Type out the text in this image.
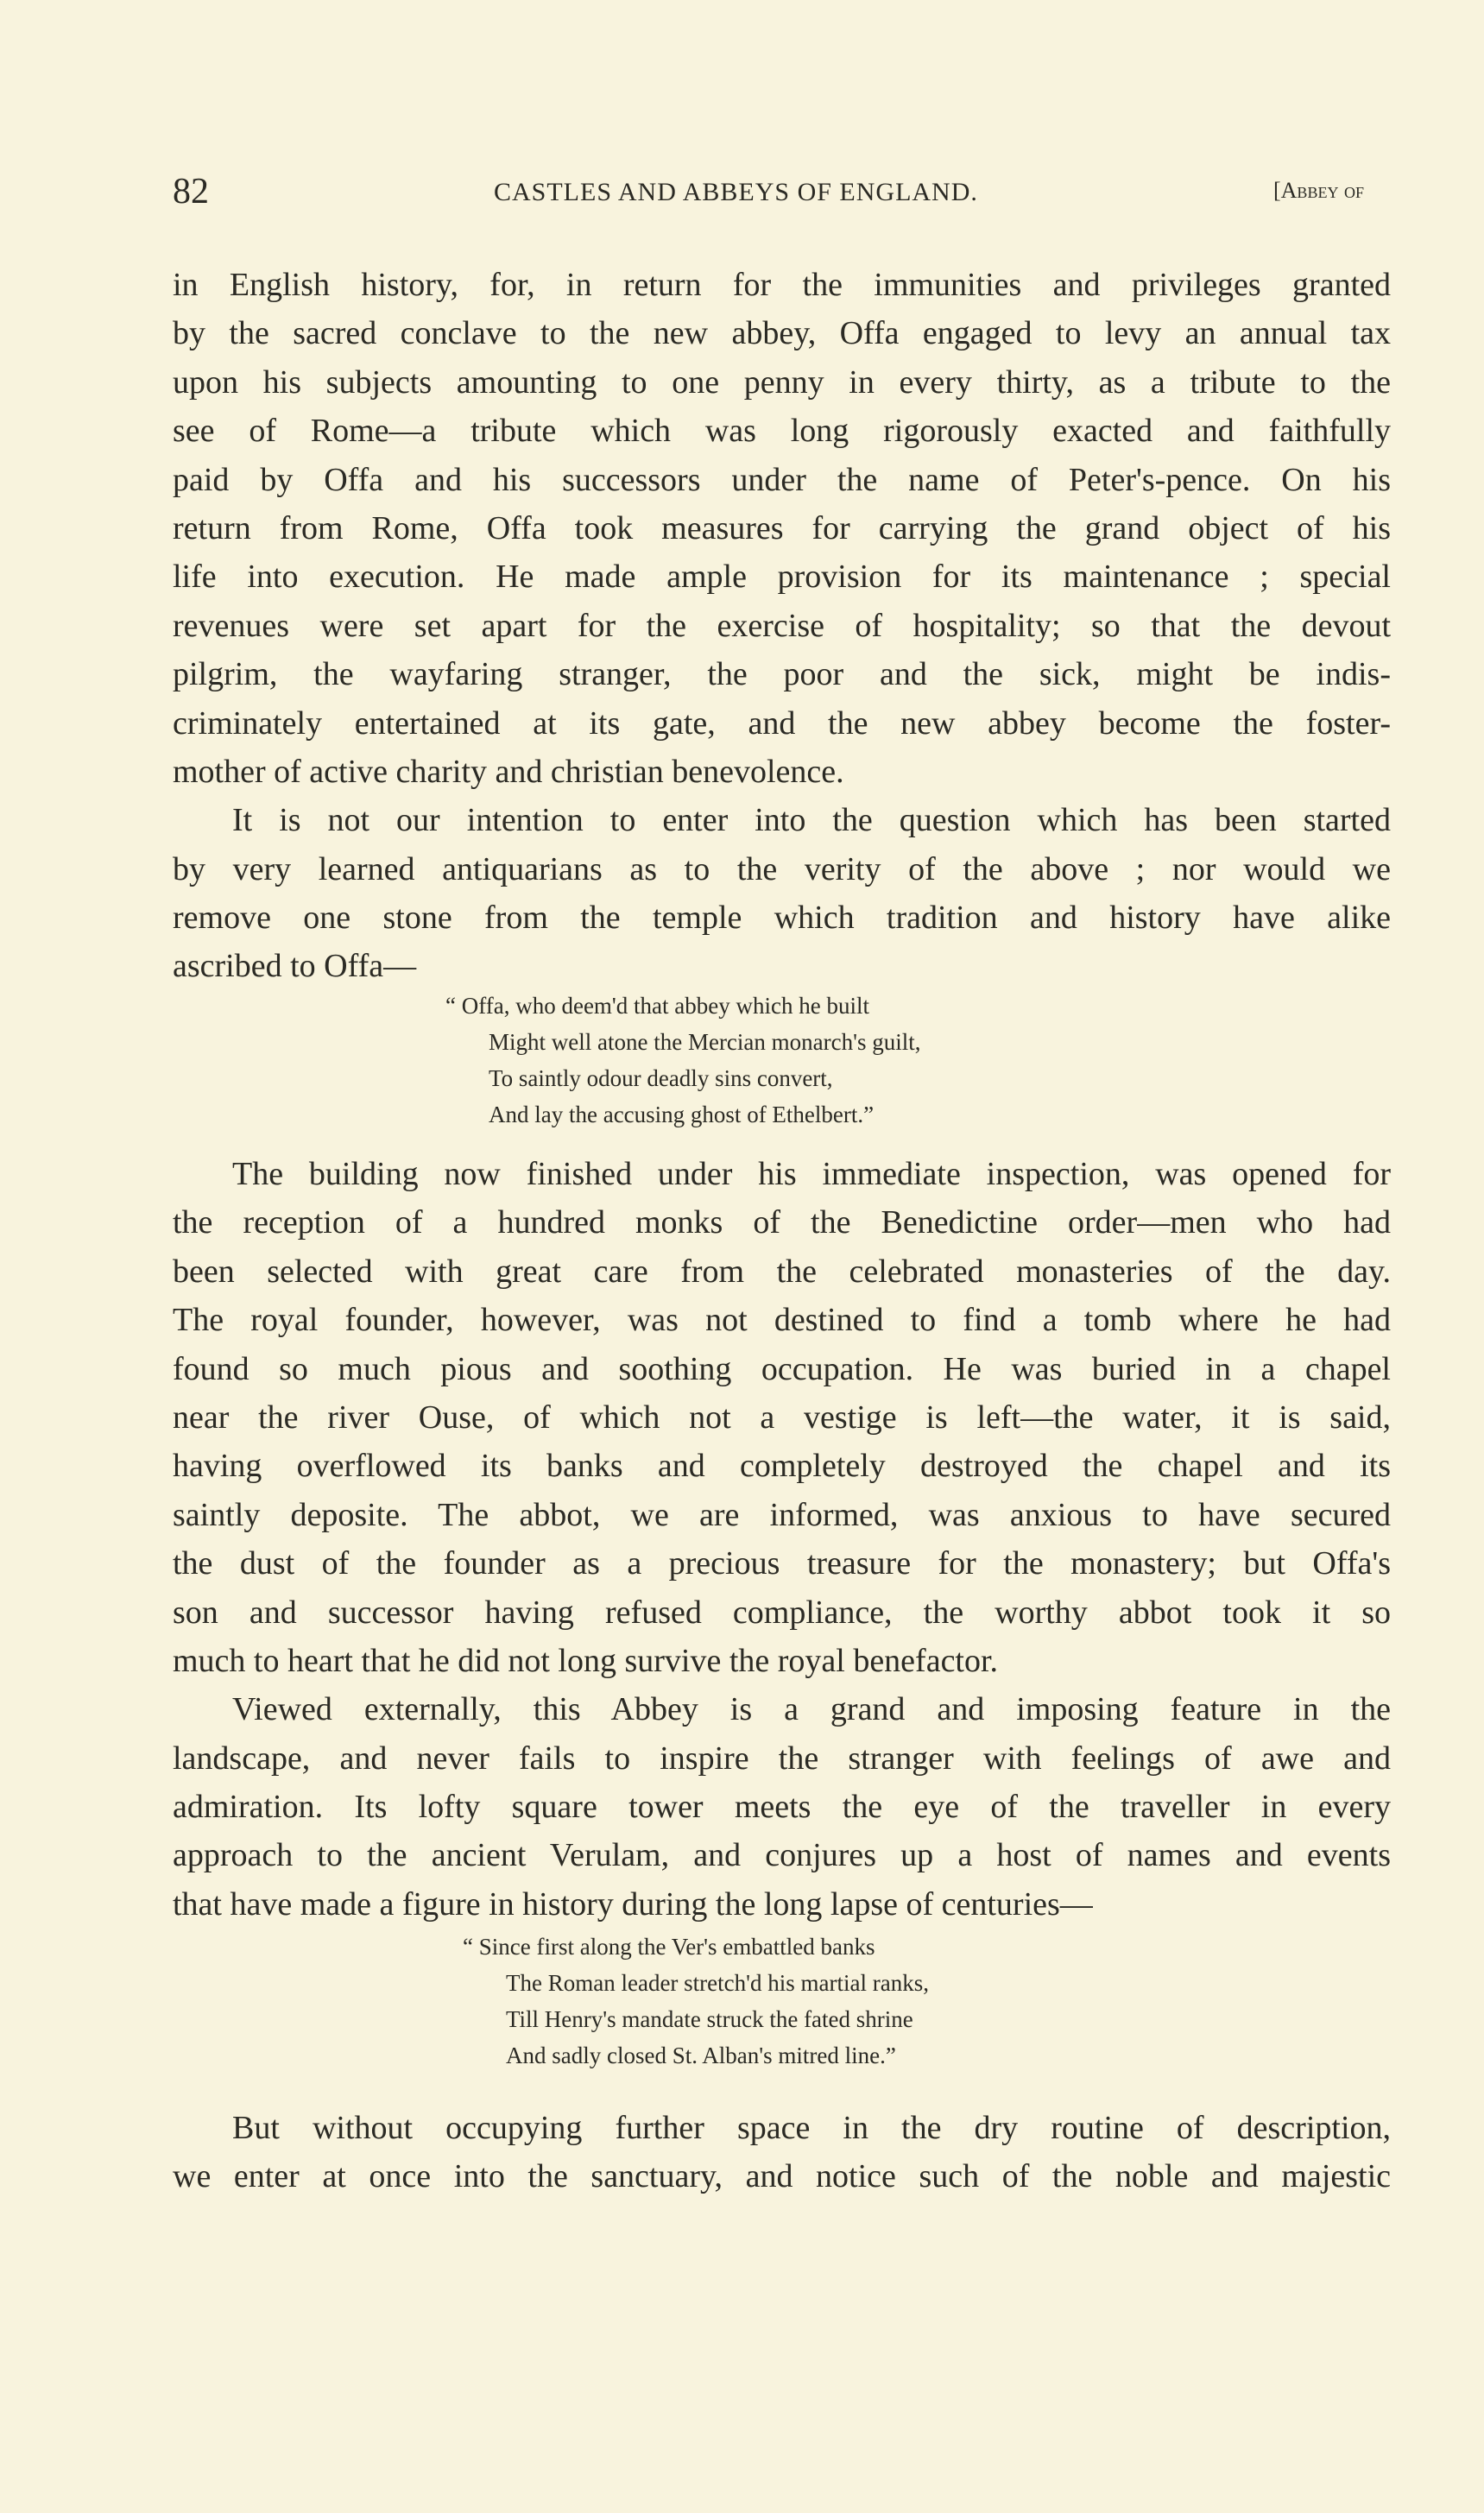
82	CASTLES AND ABBEYS OF ENGLAND.	[Abbey of
in English history, for, in return for the immunities and privileges granted
by the sacred conclave to the new abbey, Offa engaged to levy an annual tax
upon his subjects amounting to one penny in every thirty, as a tribute to the
see of Rome—a tribute which was long rigorously exacted and faithfully
paid by Offa and his successors under the name of Peter's-pence. On his
return from Rome, Offa took measures for carrying the grand object of his
life into execution. He made ample provision for its maintenance ; special
revenues were set apart for the exercise of hospitality; so that the devout
pilgrim, the wayfaring stranger, the poor and the sick, might be indis-
criminately entertained at its gate, and the new abbey become the foster-
mother of active charity and christian benevolence.
It is not our intention to enter into the question which has been started
by very learned antiquarians as to the verity of the above ; nor would we
remove one stone from the temple which tradition and history have alike
ascribed to Offa—
“ Offa, who deem'd that abbey which he built
Might well atone the Mercian monarch's guilt,
To saintly odour deadly sins convert,
And lay the accusing ghost of Ethelbert.”
The building now finished under his immediate inspection, was opened for
the reception of a hundred monks of the Benedictine order—men who had
been selected with great care from the celebrated monasteries of the day.
The royal founder, however, was not destined to find a tomb where he had
found so much pious and soothing occupation. He was buried in a chapel
near the river Ouse, of which not a vestige is left—the water, it is said,
having overflowed its banks and completely destroyed the chapel and its
saintly deposite. The abbot, we are informed, was anxious to have secured
the dust of the founder as a precious treasure for the monastery; but Offa's
son and successor having refused compliance, the worthy abbot took it so
much to heart that he did not long survive the royal benefactor.
Viewed externally, this Abbey is a grand and imposing feature in the
landscape, and never fails to inspire the stranger with feelings of awe and
admiration. Its lofty square tower meets the eye of the traveller in every
approach to the ancient Verulam, and conjures up a host of names and events
that have made a figure in history during the long lapse of centuries—
“ Since first along the Ver's embattled banks
The Roman leader stretch'd his martial ranks,
Till Henry's mandate struck the fated shrine
And sadly closed St. Alban's mitred line.”
But without occupying further space in the dry routine of description,
we enter at once into the sanctuary, and notice such of the noble and majestic
